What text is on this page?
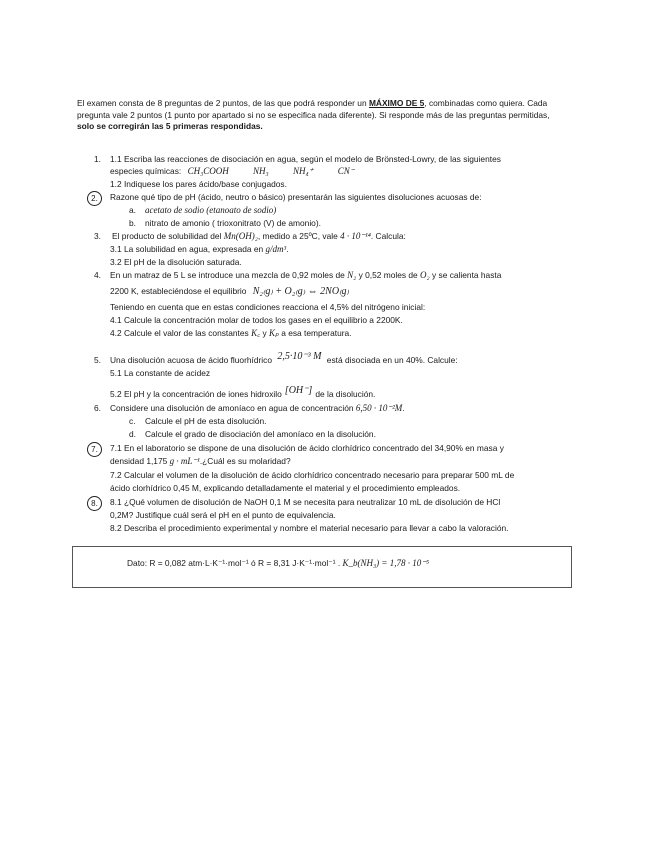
El examen consta de 8 preguntas de 2 puntos, de las que podrá responder un MÁXIMO DE 5, combinadas como quiera. Cada pregunta vale 2 puntos (1 punto por apartado si no se especifica nada diferente). Si responde más de las preguntas permitidas, solo se corregirán las 5 primeras respondidas.

1. 1.1 Escriba las reacciones de disociación en agua, según el modelo de Brönsted-Lowry, de las siguientes
especies químicas: CH₃COOH	NH₃	NH₄⁺	CN⁻
1.2 Indiquese los pares ácido/base conjugados.
2.	Razone qué tipo de pH (ácido, neutro o básico) presentarán las siguientes disoluciones acuosas de:
a. acetato de sodio (etanoato de sodio)
b. nitrato de amonio ( trioxonitrato (V) de amonio).
3. El producto de solubilidad del Mn(OH)₂, medido a 25ºC, vale 4 · 10⁻¹⁴. Calcula:
3.1 La solubilidad en agua, expresada en g/dm³.
3.2 El pH de la disolución saturada.
4. En un matraz de 5 L se introduce una mezcla de 0,92 moles de N₂ y 0,52 moles de O₂ y se calienta hasta
2200 K, estableciéndose el equilibrio N₂₍g₎ + O₂₍g₎ ⇔ 2NO₍g₎
Teniendo en cuenta que en estas condiciones reacciona el 4,5% del nitrógeno inicial:
4.1 Calcule la concentración molar de todos los gases en el equilibrio a 2200K.
4.2 Calcule el valor de las constantes K꜀ y Kₚ a esa temperatura.
5. Una disolución acuosa de ácido fluorhídrico 2,5·10⁻³ M está disociada en un 40%. Calcule:
5.1 La constante de acidez
5.2 El pH y la concentración de iones hidroxilo [OH⁻] de la disolución.
6. Considere una disolución de amoníaco en agua de concentración 6,50 · 10⁻²M.
c. Calcule el pH de esta disolución.
d. Calcule el grado de disociación del amoníaco en la disolución.
7.	7.1 En el laboratorio se dispone de una disolución de ácido clorhídrico concentrado del 34,90% en masa y
densidad 1,175 g · mL⁻¹.¿Cuál es su molaridad?
7.2 Calcular el volumen de la disolución de ácido clorhídrico concentrado necesario para preparar 500 mL de
ácido clorhídrico 0,45 M, explicando detalladamente el material y el procedimiento empleados.
8.	8.1 ¿Qué volumen de disolución de NaOH 0,1 M se necesita para neutralizar 10 mL de disolución de HCl
0,2M? Justifique cuál será el pH en el punto de equivalencia.
8.2 Describa el procedimiento experimental y nombre el material necesario para llevar a cabo la valoración.
Dato: R = 0,082 atm·L·K⁻¹·mol⁻¹ ó R = 8,31 J·K⁻¹·mol⁻¹ . K_b(NH₃) = 1,78 · 10⁻⁵
